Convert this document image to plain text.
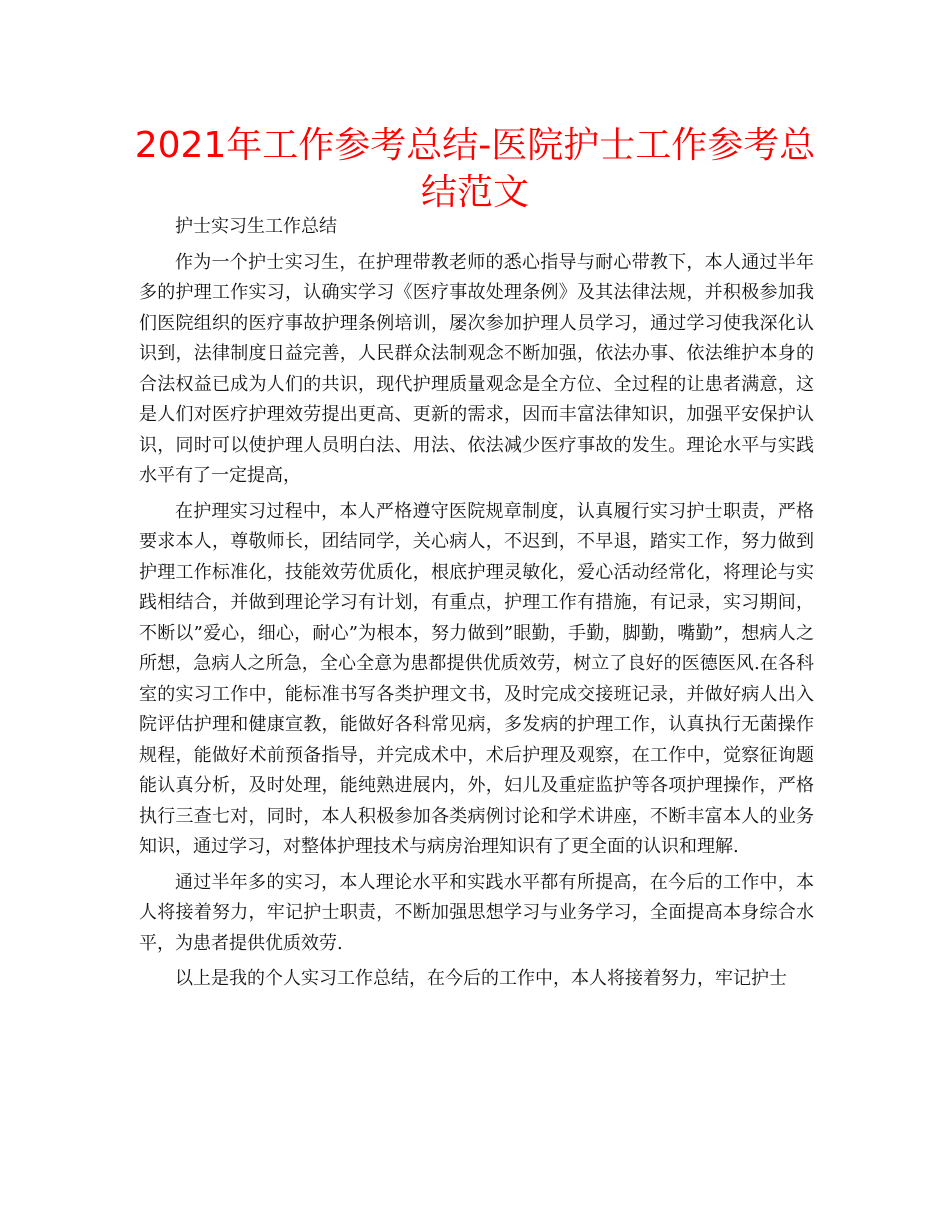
2021年工作参考总结-医院护士工作参考总结范文

护士实习生工作总结

作为一个护士实习生，在护理带教老师的悉心指导与耐心带教下，本人通过半年多的护理工作实习，认确实学习《医疗事故处理条例》及其法律法规，并积极参加我们医院组织的医疗事故护理条例培训，屡次参加护理人员学习，通过学习使我深化认识到，法律制度日益完善，人民群众法制观念不断加强，依法办事、依法维护本身的合法权益已成为人们的共识，现代护理质量观念是全方位、全过程的让患者满意，这是人们对医疗护理效劳提出更高、更新的需求，因而丰富法律知识，加强平安保护认识，同时可以使护理人员明白法、用法、依法减少医疗事故的发生。理论水平与实践水平有了一定提高，

在护理实习过程中，本人严格遵守医院规章制度，认真履行实习护士职责，严格要求本人，尊敬师长，团结同学，关心病人，不迟到，不早退，踏实工作，努力做到护理工作标准化，技能效劳优质化，根底护理灵敏化，爱心活动经常化，将理论与实践相结合，并做到理论学习有计划，有重点，护理工作有措施，有记录，实习期间，不断以”爱心，细心，耐心”为根本，努力做到”眼勤，手勤，脚勤，嘴勤”，想病人之所想，急病人之所急，全心全意为患都提供优质效劳，树立了良好的医德医风.在各科室的实习工作中，能标准书写各类护理文书，及时完成交接班记录，并做好病人出入院评估护理和健康宣教，能做好各科常见病，多发病的护理工作，认真执行无菌操作规程，能做好术前预备指导，并完成术中，术后护理及观察，在工作中，觉察征询题能认真分析，及时处理，能纯熟进展内，外，妇儿及重症监护等各项护理操作，严格执行三查七对，同时，本人积极参加各类病例讨论和学术讲座，不断丰富本人的业务知识，通过学习，对整体护理技术与病房治理知识有了更全面的认识和理解.

通过半年多的实习，本人理论水平和实践水平都有所提高，在今后的工作中，本人将接着努力，牢记护士职责，不断加强思想学习与业务学习，全面提高本身综合水平，为患者提供优质效劳.

以上是我的个人实习工作总结，在今后的工作中，本人将接着努力，牢记护士
